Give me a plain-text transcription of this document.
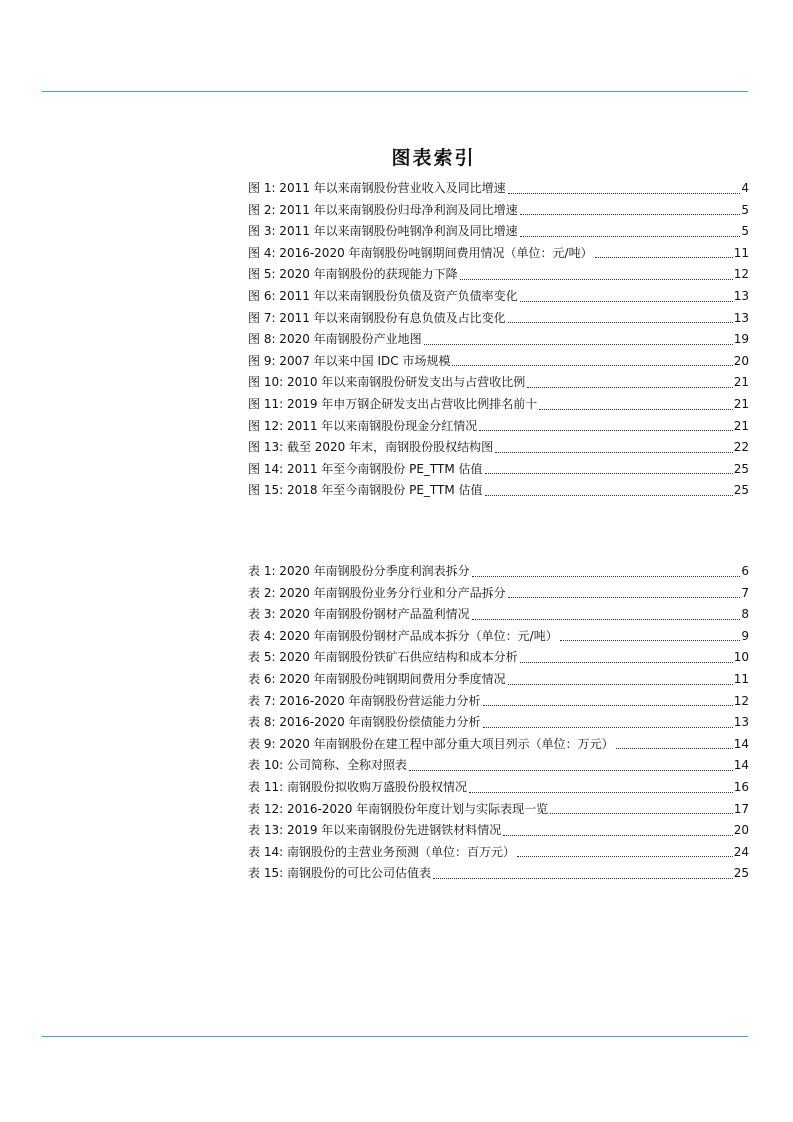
图表索引
图 1: 2011 年以来南钢股份营业收入及同比增速	4
图 2: 2011 年以来南钢股份归母净利润及同比增速	5
图 3: 2011 年以来南钢股份吨钢净利润及同比增速	5
图 4: 2016-2020 年南钢股份吨钢期间费用情况（单位：元/吨）	11
图 5: 2020 年南钢股份的获现能力下降	12
图 6: 2011 年以来南钢股份负债及资产负债率变化	13
图 7: 2011 年以来南钢股份有息负债及占比变化	13
图 8: 2020 年南钢股份产业地图	19
图 9: 2007 年以来中国 IDC 市场规模	20
图 10: 2010 年以来南钢股份研发支出与占营收比例	21
图 11: 2019 年申万钢企研发支出占营收比例排名前十	21
图 12: 2011 年以来南钢股份现金分红情况	21
图 13: 截至 2020 年末，南钢股份股权结构图	22
图 14: 2011 年至今南钢股份 PE_TTM 估值	25
图 15: 2018 年至今南钢股份 PE_TTM 估值	25
表 1: 2020 年南钢股份分季度利润表拆分	6
表 2: 2020 年南钢股份业务分行业和分产品拆分	7
表 3: 2020 年南钢股份钢材产品盈利情况	8
表 4: 2020 年南钢股份钢材产品成本拆分（单位：元/吨）	9
表 5: 2020 年南钢股份铁矿石供应结构和成本分析	10
表 6: 2020 年南钢股份吨钢期间费用分季度情况	11
表 7: 2016-2020 年南钢股份营运能力分析	12
表 8: 2016-2020 年南钢股份偿债能力分析	13
表 9: 2020 年南钢股份在建工程中部分重大项目列示（单位：万元）	14
表 10: 公司简称、全称对照表	14
表 11: 南钢股份拟收购万盛股份股权情况	16
表 12: 2016-2020 年南钢股份年度计划与实际表现一览	17
表 13: 2019 年以来南钢股份先进钢铁材料情况	20
表 14: 南钢股份的主营业务预测（单位：百万元）	24
表 15: 南钢股份的可比公司估值表	25
